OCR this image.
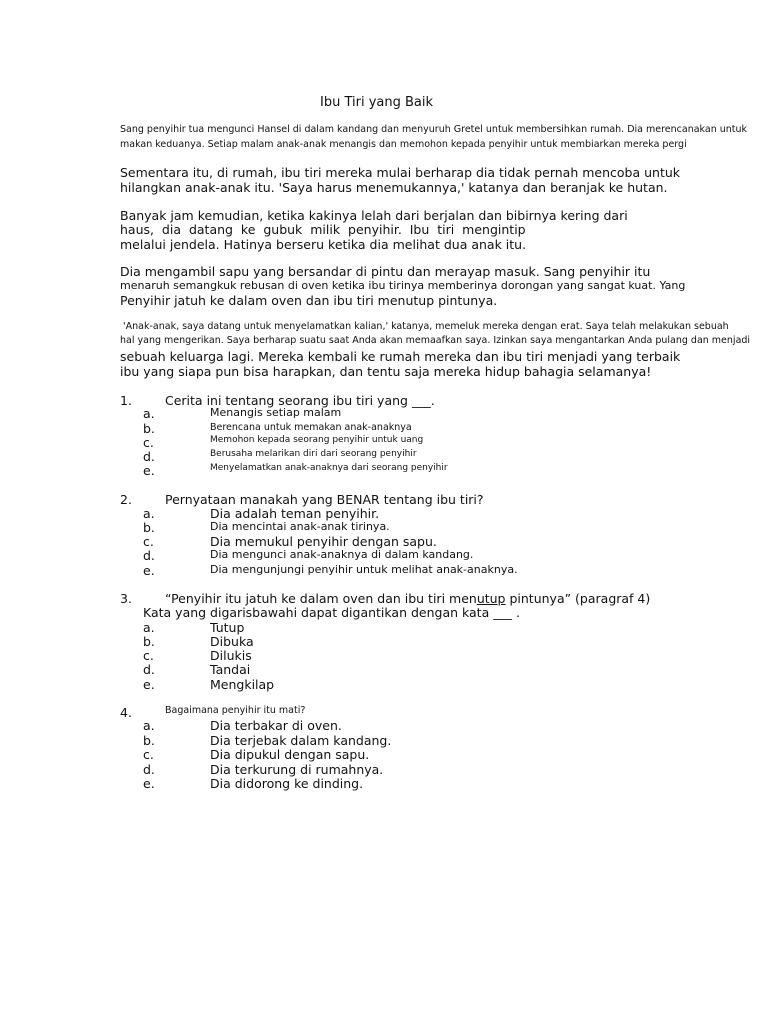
Ibu Tiri yang Baik

Sang penyihir tua mengunci Hansel di dalam kandang dan menyuruh Gretel untuk membersihkan rumah. Dia merencanakan untuk

makan keduanya. Setiap malam anak-anak menangis dan memohon kepada penyihir untuk membiarkan mereka pergi

Sementara itu, di rumah, ibu tiri mereka mulai berharap dia tidak pernah mencoba untuk

hilangkan anak-anak itu. 'Saya harus menemukannya,' katanya dan beranjak ke hutan.

Banyak jam kemudian, ketika kakinya lelah dari berjalan dan bibirnya kering dari

haus,  dia  datang  ke  gubuk  milik  penyihir.  Ibu  tiri  mengintip

melalui jendela. Hatinya berseru ketika dia melihat dua anak itu.

Dia mengambil sapu yang bersandar di pintu dan merayap masuk. Sang penyihir itu

menaruh semangkuk rebusan di oven ketika ibu tirinya memberinya dorongan yang sangat kuat. Yang

Penyihir jatuh ke dalam oven dan ibu tiri menutup pintunya.

'Anak-anak, saya datang untuk menyelamatkan kalian,' katanya, memeluk mereka dengan erat. Saya telah melakukan sebuah

hal yang mengerikan. Saya berharap suatu saat Anda akan memaafkan saya. Izinkan saya mengantarkan Anda pulang dan menjadi

sebuah keluarga lagi. Mereka kembali ke rumah mereka dan ibu tiri menjadi yang terbaik

ibu yang siapa pun bisa harapkan, dan tentu saja mereka hidup bahagia selamanya!

1.	Cerita ini tentang seorang ibu tiri yang ___.
a.	Menangis setiap malam
b.	Berencana untuk memakan anak-anaknya
c.	Memohon kepada seorang penyihir untuk uang
d.	Berusaha melarikan diri dari seorang penyihir
e.	Menyelamatkan anak-anaknya dari seorang penyihir
2.	Pernyataan manakah yang BENAR tentang ibu tiri?
a.	Dia adalah teman penyihir.
b.	Dia mencintai anak-anak tirinya.
c.	Dia memukul penyihir dengan sapu.
d.	Dia mengunci anak-anaknya di dalam kandang.
e.	Dia mengunjungi penyihir untuk melihat anak-anaknya.
3.	“Penyihir itu jatuh ke dalam oven dan ibu tiri menutup pintunya” (paragraf 4)
Kata yang digarisbawahi dapat digantikan dengan kata ___ .
a.	Tutup
b.	Dibuka
c.	Dilukis
d.	Tandai
e.	Mengkilap
4.	Bagaimana penyihir itu mati?
a.	Dia terbakar di oven.
b.	Dia terjebak dalam kandang.
c.	Dia dipukul dengan sapu.
d.	Dia terkurung di rumahnya.
e.	Dia didorong ke dinding.
